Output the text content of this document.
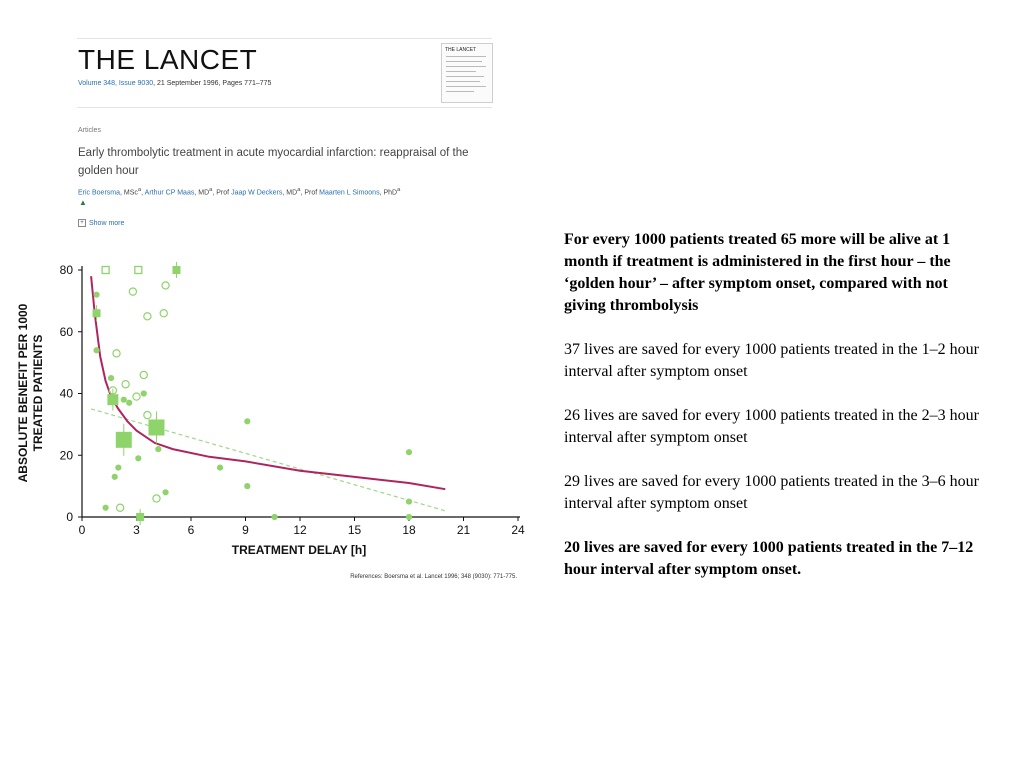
THE LANCET
Volume 348, Issue 9030, 21 September 1996, Pages 771–775
THE LANCET
Articles
Early thrombolytic treatment in acute myocardial infarction: reappraisal of the golden hour
Eric Boersma, MSc$^a$, Arthur CP Maas, $MD^a$, Prof Jaap W Deckers, $MD^a$, Prof Maarten L Simoons, PhD$^a$
▲
+ Show more
0	3	6	9	12	15	18	21	24
0
20
40
60
80
ABSOLUTE BENEFIT PER 1000 TREATED PATIENTS
TREATMENT DELAY [h]
References: Boersma et al. Lancet 1996; 348 (9030): 771-775.

For every 1000 patients treated 65 more will be alive at 1 month if treatment is administered in the first hour – the ‘golden hour’ – after symptom onset, compared with not giving thrombolysis

37 lives are saved for every 1000 patients treated in the 1–2 hour interval after symptom onset

26 lives are saved for every 1000 patients treated in the 2–3 hour interval after symptom onset

29 lives are saved for every 1000 patients treated in the 3–6 hour interval after symptom onset

20 lives are saved for every 1000 patients treated in the 7–12 hour interval after symptom onset.
